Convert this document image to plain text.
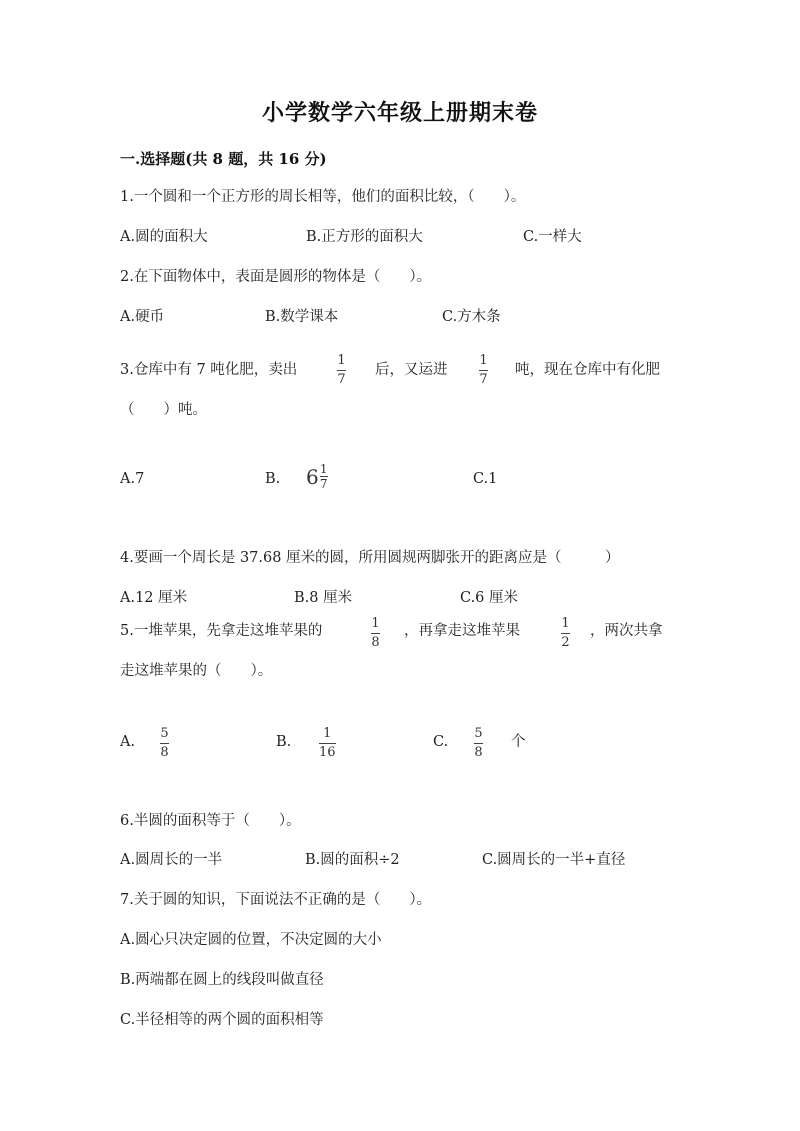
小学数学六年级上册期末卷
一.选择题(共 8 题，共 16 分)
1.一个圆和一个正方形的周长相等，他们的面积比较，（　　）。
A.圆的面积大	B.正方形的面积大	C.一样大
2.在下面物体中，表面是圆形的物体是（　　）。
A.硬币	B.数学课本	C.方木条
3.仓库中有 7 吨化肥，卖出
1
7
后，又运进
1
7
吨，现在仓库中有化肥
（　　）吨。
A.7	B. $6 \frac{1}{7}$	C.1
4.要画一个周长是 37.68 厘米的圆，所用圆规两脚张开的距离应是（　　　）
A.12 厘米	B.8 厘米	C.6 厘米
5.一堆苹果，先拿走这堆苹果的	1
8
，再拿走这堆苹果	1
2
，两次共拿
走这堆苹果的（　　）。
A.
5
8
B.
1
16
C.
5
8
个
6.半圆的面积等于（　　）。
A.圆周长的一半	B.圆的面积÷2	C.圆周长的一半+直径
7.关于圆的知识，下面说法不正确的是（　　）。
A.圆心只决定圆的位置，不决定圆的大小
B.两端都在圆上的线段叫做直径
C.半径相等的两个圆的面积相等
